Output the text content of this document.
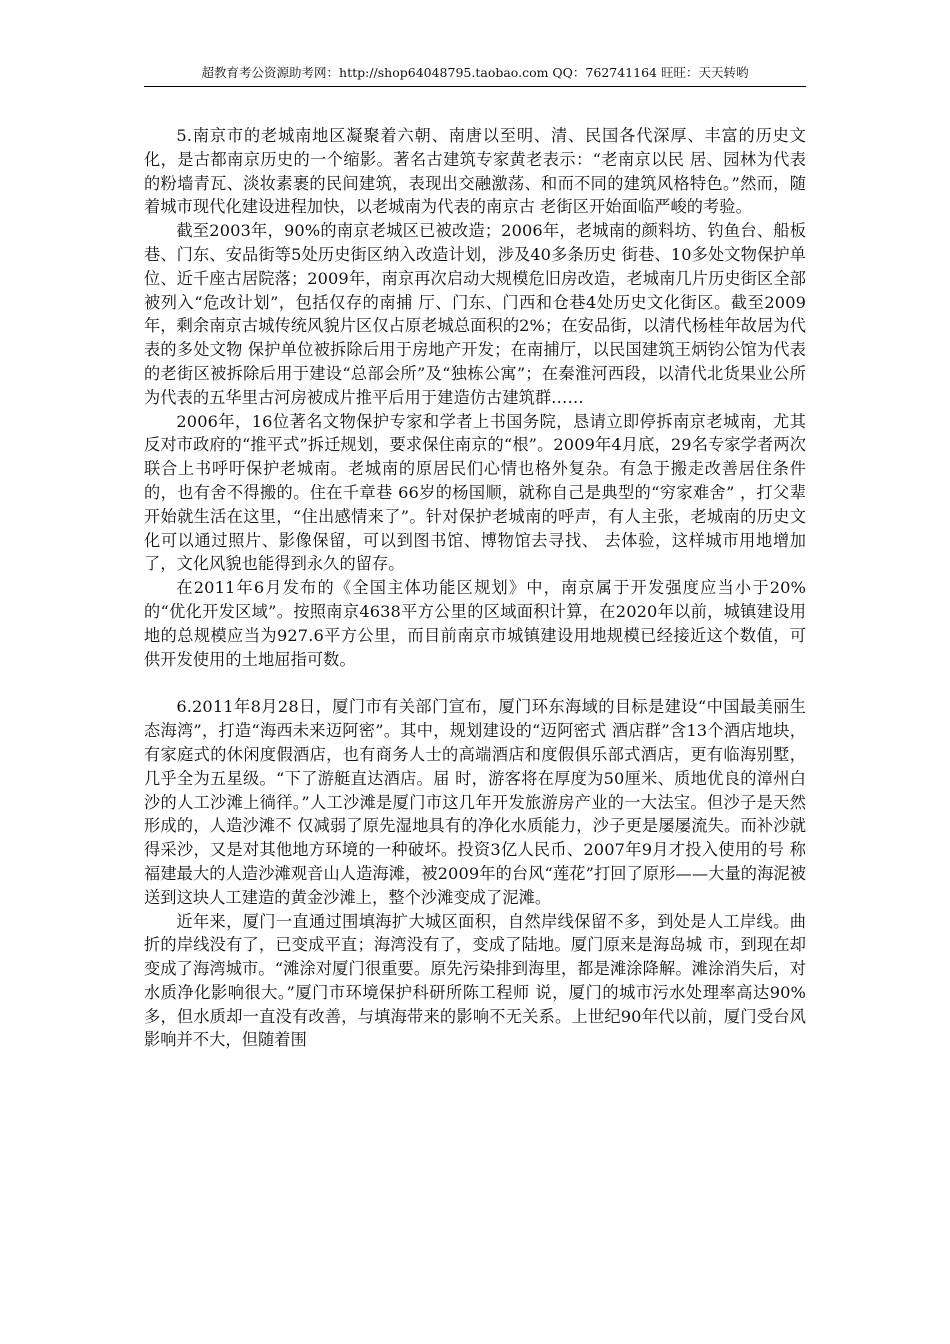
超教育考公资源助考网：http://shop64048795.taobao.com QQ：762741164 旺旺：天天转哟

5.南京市的老城南地区凝聚着六朝、南唐以至明、清、民国各代深厚、丰富的历史文化，是古都南京历史的一个缩影。著名古建筑专家黄老表示：“老南京以民 居、园林为代表的粉墙青瓦、淡妆素裹的民间建筑，表现出交融激荡、和而不同的建筑风格特色。”然而，随着城市现代化建设进程加快，以老城南为代表的南京古 老街区开始面临严峻的考验。

截至2003年，90%的南京老城区已被改造；2006年，老城南的颜料坊、钓鱼台、船板巷、门东、安品街等5处历史街区纳入改造计划，涉及40多条历史 街巷、10多处文物保护单位、近千座古居院落；2009年，南京再次启动大规模危旧房改造，老城南几片历史街区全部被列入“危改计划”，包括仅存的南捕 厅、门东、门西和仓巷4处历史文化街区。截至2009年，剩余南京古城传统风貌片区仅占原老城总面积的2%；在安品街，以清代杨桂年故居为代表的多处文物 保护单位被拆除后用于房地产开发；在南捕厅，以民国建筑王炳钧公馆为代表的老街区被拆除后用于建设“总部会所”及“独栋公寓”；在秦淮河西段，以清代北货果业公所为代表的五华里古河房被成片推平后用于建造仿古建筑群……

2006年，16位著名文物保护专家和学者上书国务院，恳请立即停拆南京老城南，尤其反对市政府的“推平式”拆迁规划，要求保住南京的“根”。2009年4月底，29名专家学者两次联合上书呼吁保护老城南。老城南的原居民们心情也格外复杂。有急于搬走改善居住条件的，也有舍不得搬的。住在千章巷 66岁的杨国顺，就称自己是典型的“穷家难舍” ，打父辈开始就生活在这里，“住出感情来了”。针对保护老城南的呼声，有人主张，老城南的历史文化可以通过照片、影像保留，可以到图书馆、博物馆去寻找、 去体验，这样城市用地增加了，文化风貌也能得到永久的留存。

在2011年6月发布的《全国主体功能区规划》中，南京属于开发强度应当小于20%的“优化开发区域”。按照南京4638平方公里的区域面积计算，在2020年以前，城镇建设用地的总规模应当为927.6平方公里，而目前南京市城镇建设用地规模已经接近这个数值，可供开发使用的土地屈指可数。

6.2011年8月28日，厦门市有关部门宣布，厦门环东海域的目标是建设“中国最美丽生态海湾”，打造“海西未来迈阿密”。其中，规划建设的“迈阿密式 酒店群”含13个酒店地块，有家庭式的休闲度假酒店，也有商务人士的高端酒店和度假俱乐部式酒店，更有临海别墅，几乎全为五星级。“下了游艇直达酒店。届 时，游客将在厚度为50厘米、质地优良的漳州白沙的人工沙滩上徜徉。”人工沙滩是厦门市这几年开发旅游房产业的一大法宝。但沙子是天然形成的，人造沙滩不 仅减弱了原先湿地具有的净化水质能力，沙子更是屡屡流失。而补沙就得采沙，又是对其他地方环境的一种破坏。投资3亿人民币、2007年9月才投入使用的号 称福建最大的人造沙滩观音山人造海滩，被2009年的台风“莲花”打回了原形——大量的海泥被送到这块人工建造的黄金沙滩上，整个沙滩变成了泥滩。

近年来，厦门一直通过围填海扩大城区面积，自然岸线保留不多，到处是人工岸线。曲折的岸线没有了，已变成平直；海湾没有了，变成了陆地。厦门原来是海岛城 市，到现在却变成了海湾城市。“滩涂对厦门很重要。原先污染排到海里，都是滩涂降解。滩涂消失后，对水质净化影响很大。”厦门市环境保护科研所陈工程师 说，厦门的城市污水处理率高达90%多，但水质却一直没有改善，与填海带来的影响不无关系。上世纪90年代以前，厦门受台风影响并不大，但随着围
